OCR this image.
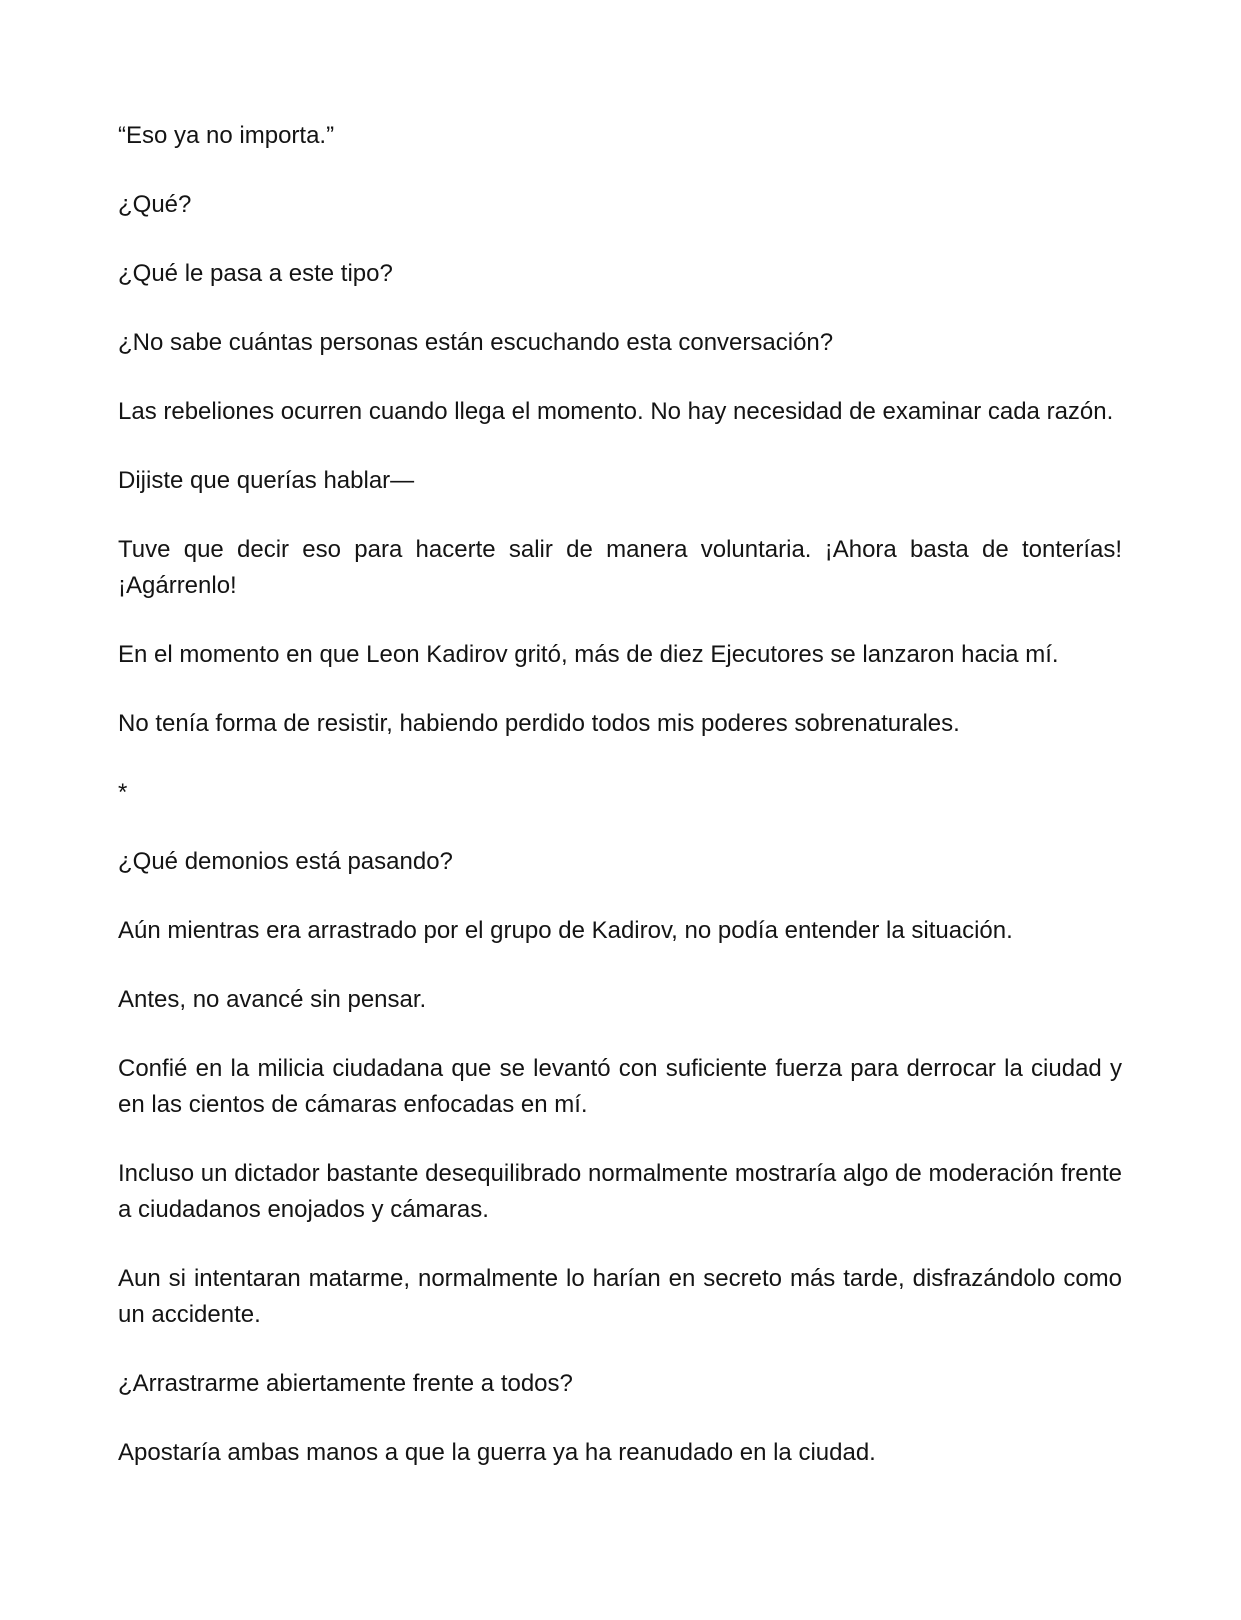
“Eso ya no importa.”

¿Qué?

¿Qué le pasa a este tipo?

¿No sabe cuántas personas están escuchando esta conversación?

Las rebeliones ocurren cuando llega el momento. No hay necesidad de examinar cada razón.

Dijiste que querías hablar—

Tuve que decir eso para hacerte salir de manera voluntaria. ¡Ahora basta de tonterías! ¡Agárrenlo!

En el momento en que Leon Kadirov gritó, más de diez Ejecutores se lanzaron hacia mí.

No tenía forma de resistir, habiendo perdido todos mis poderes sobrenaturales.

*

¿Qué demonios está pasando?

Aún mientras era arrastrado por el grupo de Kadirov, no podía entender la situación.

Antes, no avancé sin pensar.

Confié en la milicia ciudadana que se levantó con suficiente fuerza para derrocar la ciudad y en las cientos de cámaras enfocadas en mí.

Incluso un dictador bastante desequilibrado normalmente mostraría algo de moderación frente a ciudadanos enojados y cámaras.

Aun si intentaran matarme, normalmente lo harían en secreto más tarde, disfrazándolo como un accidente.

¿Arrastrarme abiertamente frente a todos?

Apostaría ambas manos a que la guerra ya ha reanudado en la ciudad.
